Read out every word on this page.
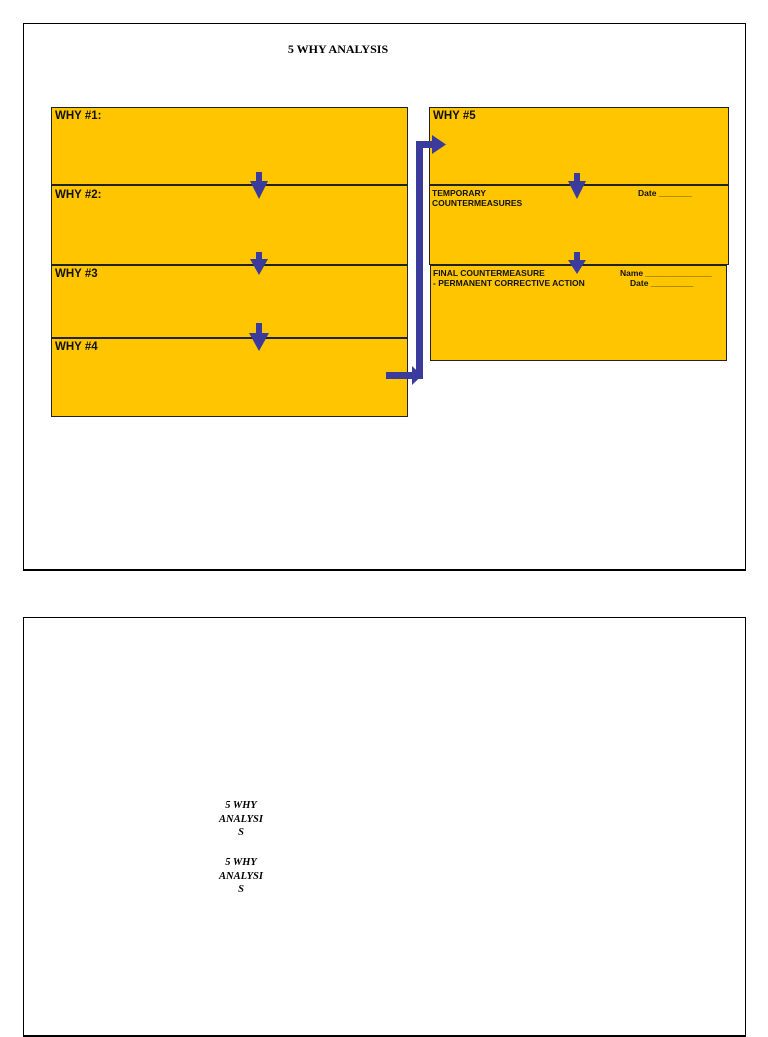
5 WHY ANALYSIS
WHY #1:
WHY #2:
WHY #3
WHY #4
WHY #5
TEMPORARY
COUNTERMEASURES
Date _______
FINAL COUNTERMEASURE
- PERMANENT CORRECTIVE ACTION
Name ______________
Date _________
5 WHY
ANALYSI
S
5 WHY
ANALYSI
S
